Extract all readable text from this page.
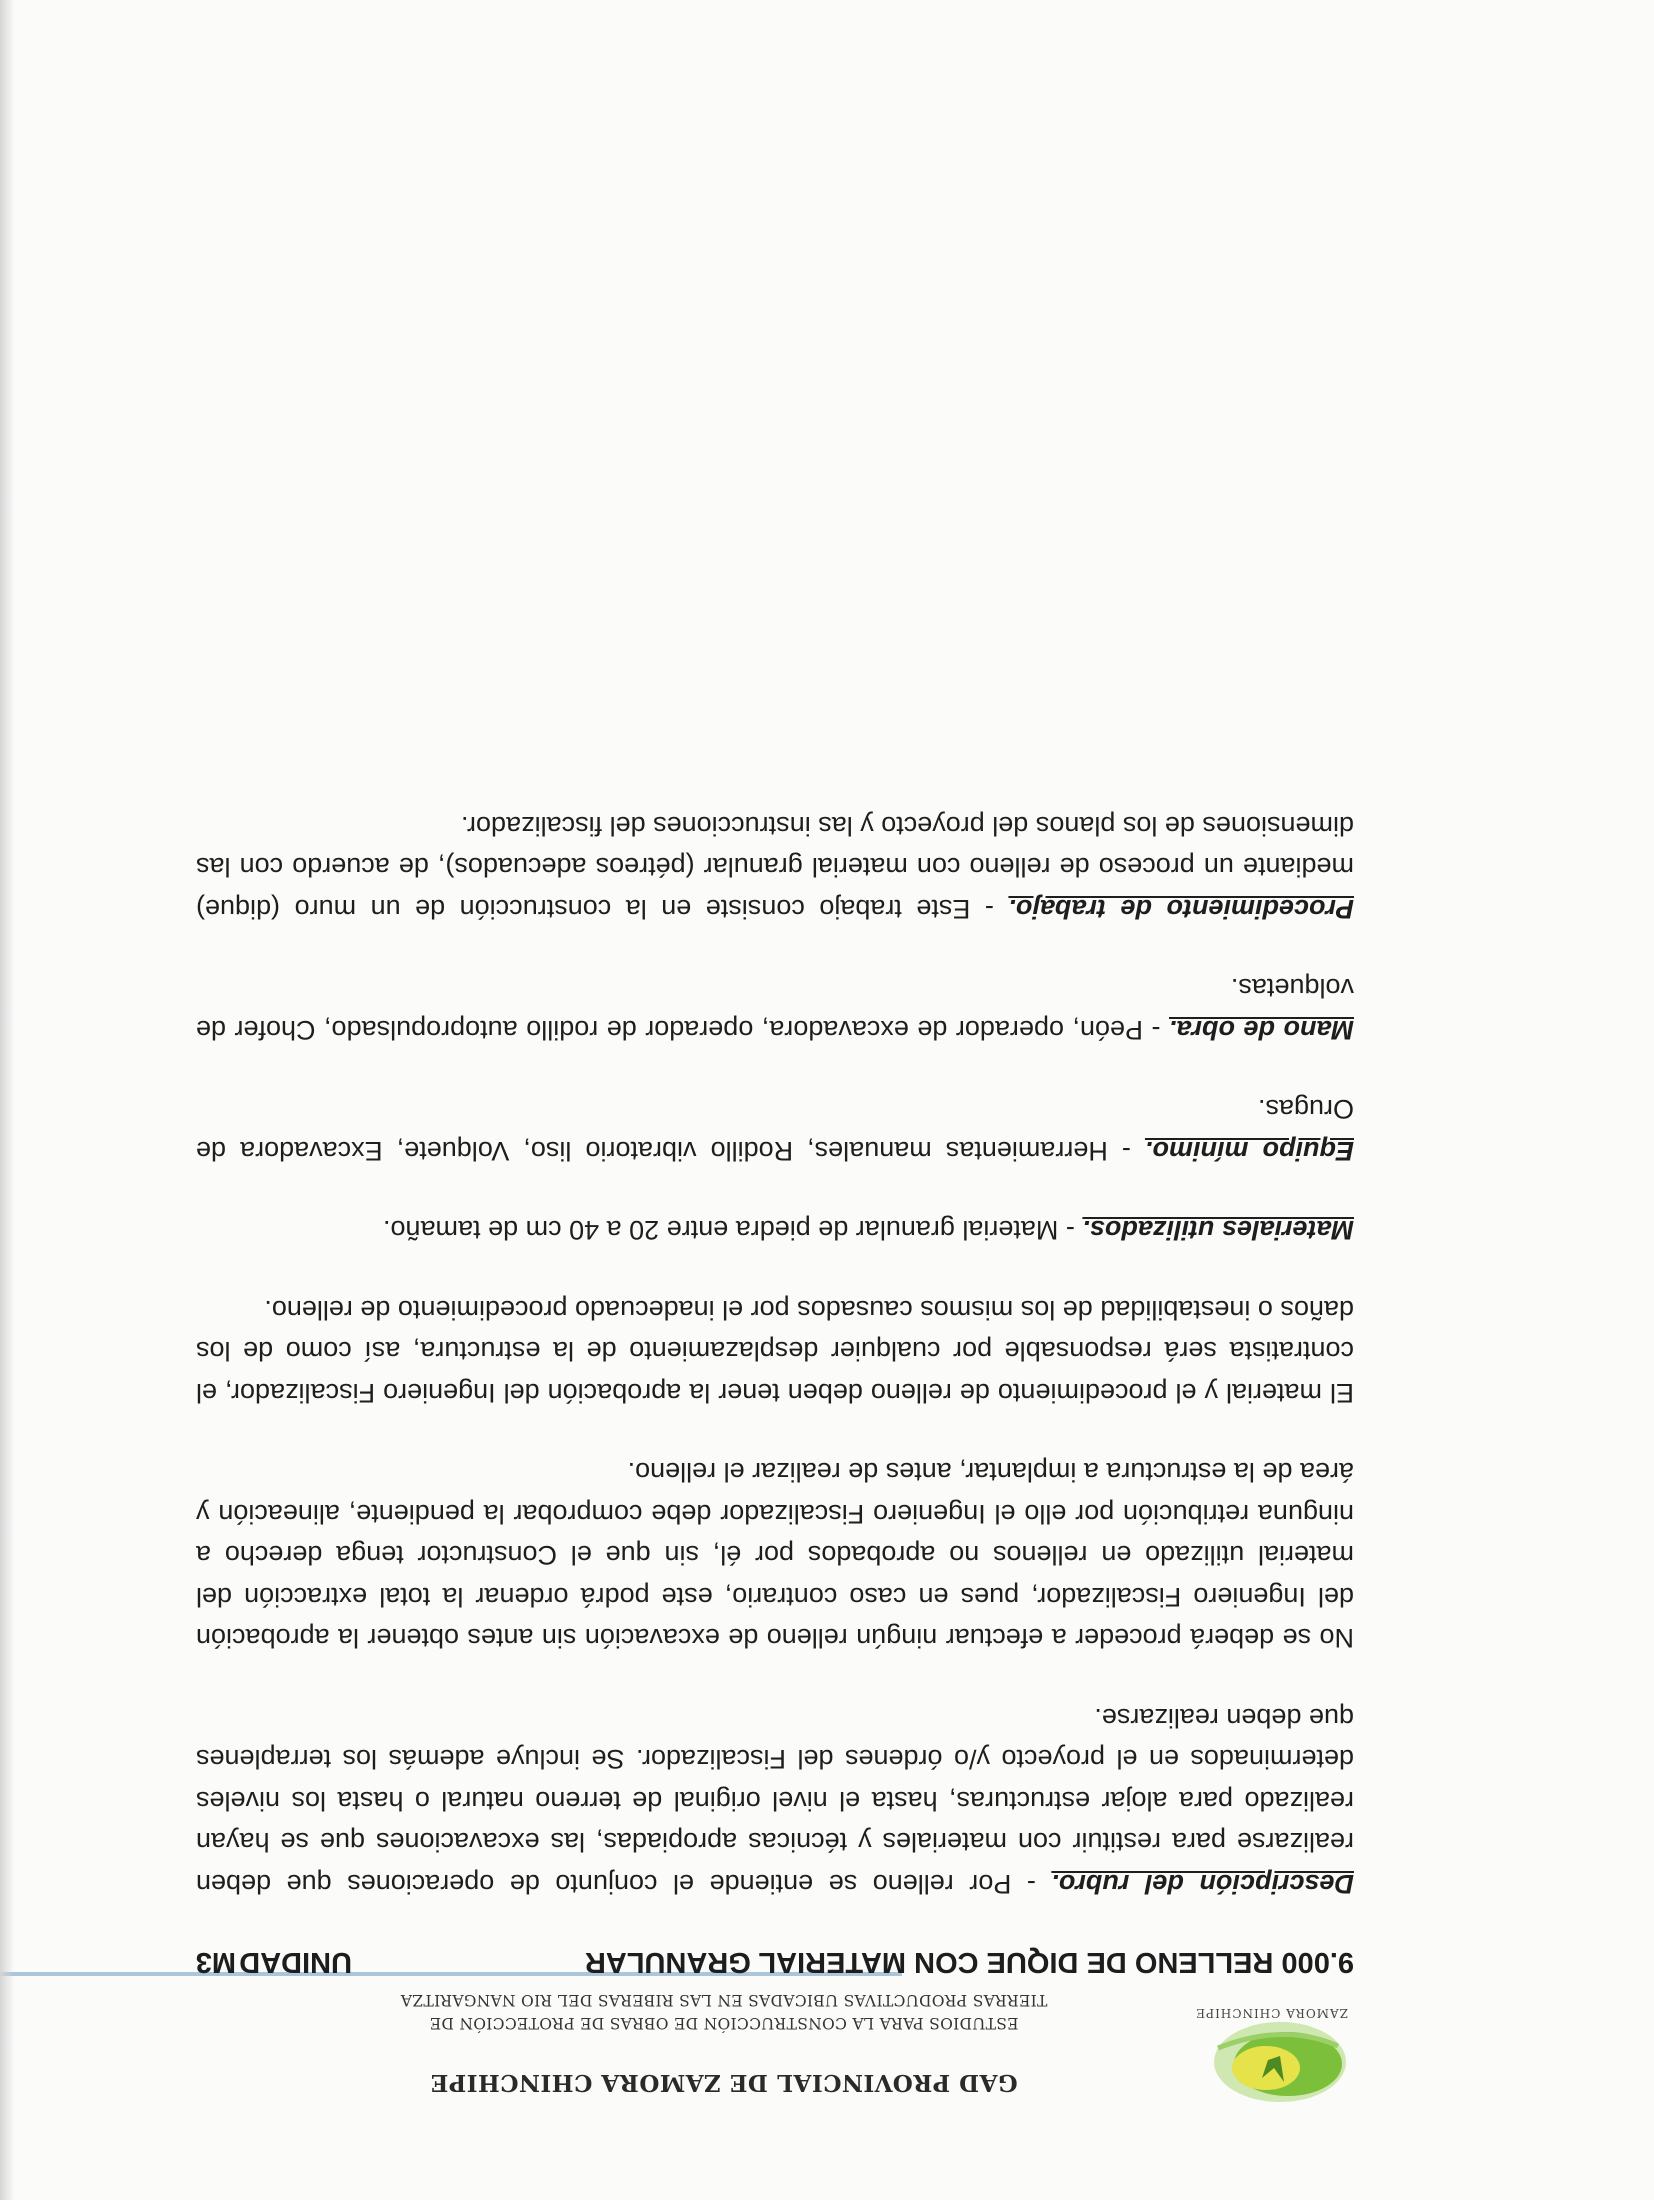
ZAMORA CHINCHIPE
GAD PROVINCIAL DE ZAMORA CHINCHIPE
ESTUDIOS PARA LA CONSTRUCCIÓN DE OBRAS DE PROTECCIÓN DE
TIERRAS PRODUCTIVAS UBICADAS EN LAS RIBERAS DEL RIO NANGARITZA
9.000 RELLENO DE DIQUE CON MATERIAL GRANULAR
UNIDAD
M3

Descripción del rubro. - Por relleno se entiende el conjunto de operaciones que deben realizarse para restituir con materiales y técnicas apropiadas, las excavaciones que se hayan realizado para alojar estructuras, hasta el nivel original de terreno natural o hasta los niveles determinados en el proyecto y/o órdenes del Fiscalizador. Se incluye además los terraplenes que deben realizarse.

No se deberá proceder a efectuar ningún relleno de excavación sin antes obtener la aprobación del Ingeniero Fiscalizador, pues en caso contrario, este podrá ordenar la total extracción del material utilizado en rellenos no aprobados por él, sin que el Constructor tenga derecho a ninguna retribución por ello el Ingeniero Fiscalizador debe comprobar la pendiente, alineación y área de la estructura a implantar, antes de realizar el relleno.

El material y el procedimiento de relleno deben tener la aprobación del Ingeniero Fiscalizador, el contratista será responsable por cualquier desplazamiento de la estructura, así como de los daños o inestabilidad de los mismos causados por el inadecuado procedimiento de relleno.

Materiales utilizados. - Material granular de piedra entre 20 a 40 cm de tamaño.

Equipo mínimo. - Herramientas manuales, Rodillo vibratorio liso, Volquete, Excavadora de Orugas.

Mano de obra. - Peón, operador de excavadora, operador de rodillo autopropulsado, Chofer de volquetas.

Procedimiento de trabajo. - Este trabajo consiste en la construcción de un muro (dique) mediante un proceso de relleno con material granular (pétreos adecuados), de acuerdo con las dimensiones de los planos del proyecto y las instrucciones del fiscalizador.
